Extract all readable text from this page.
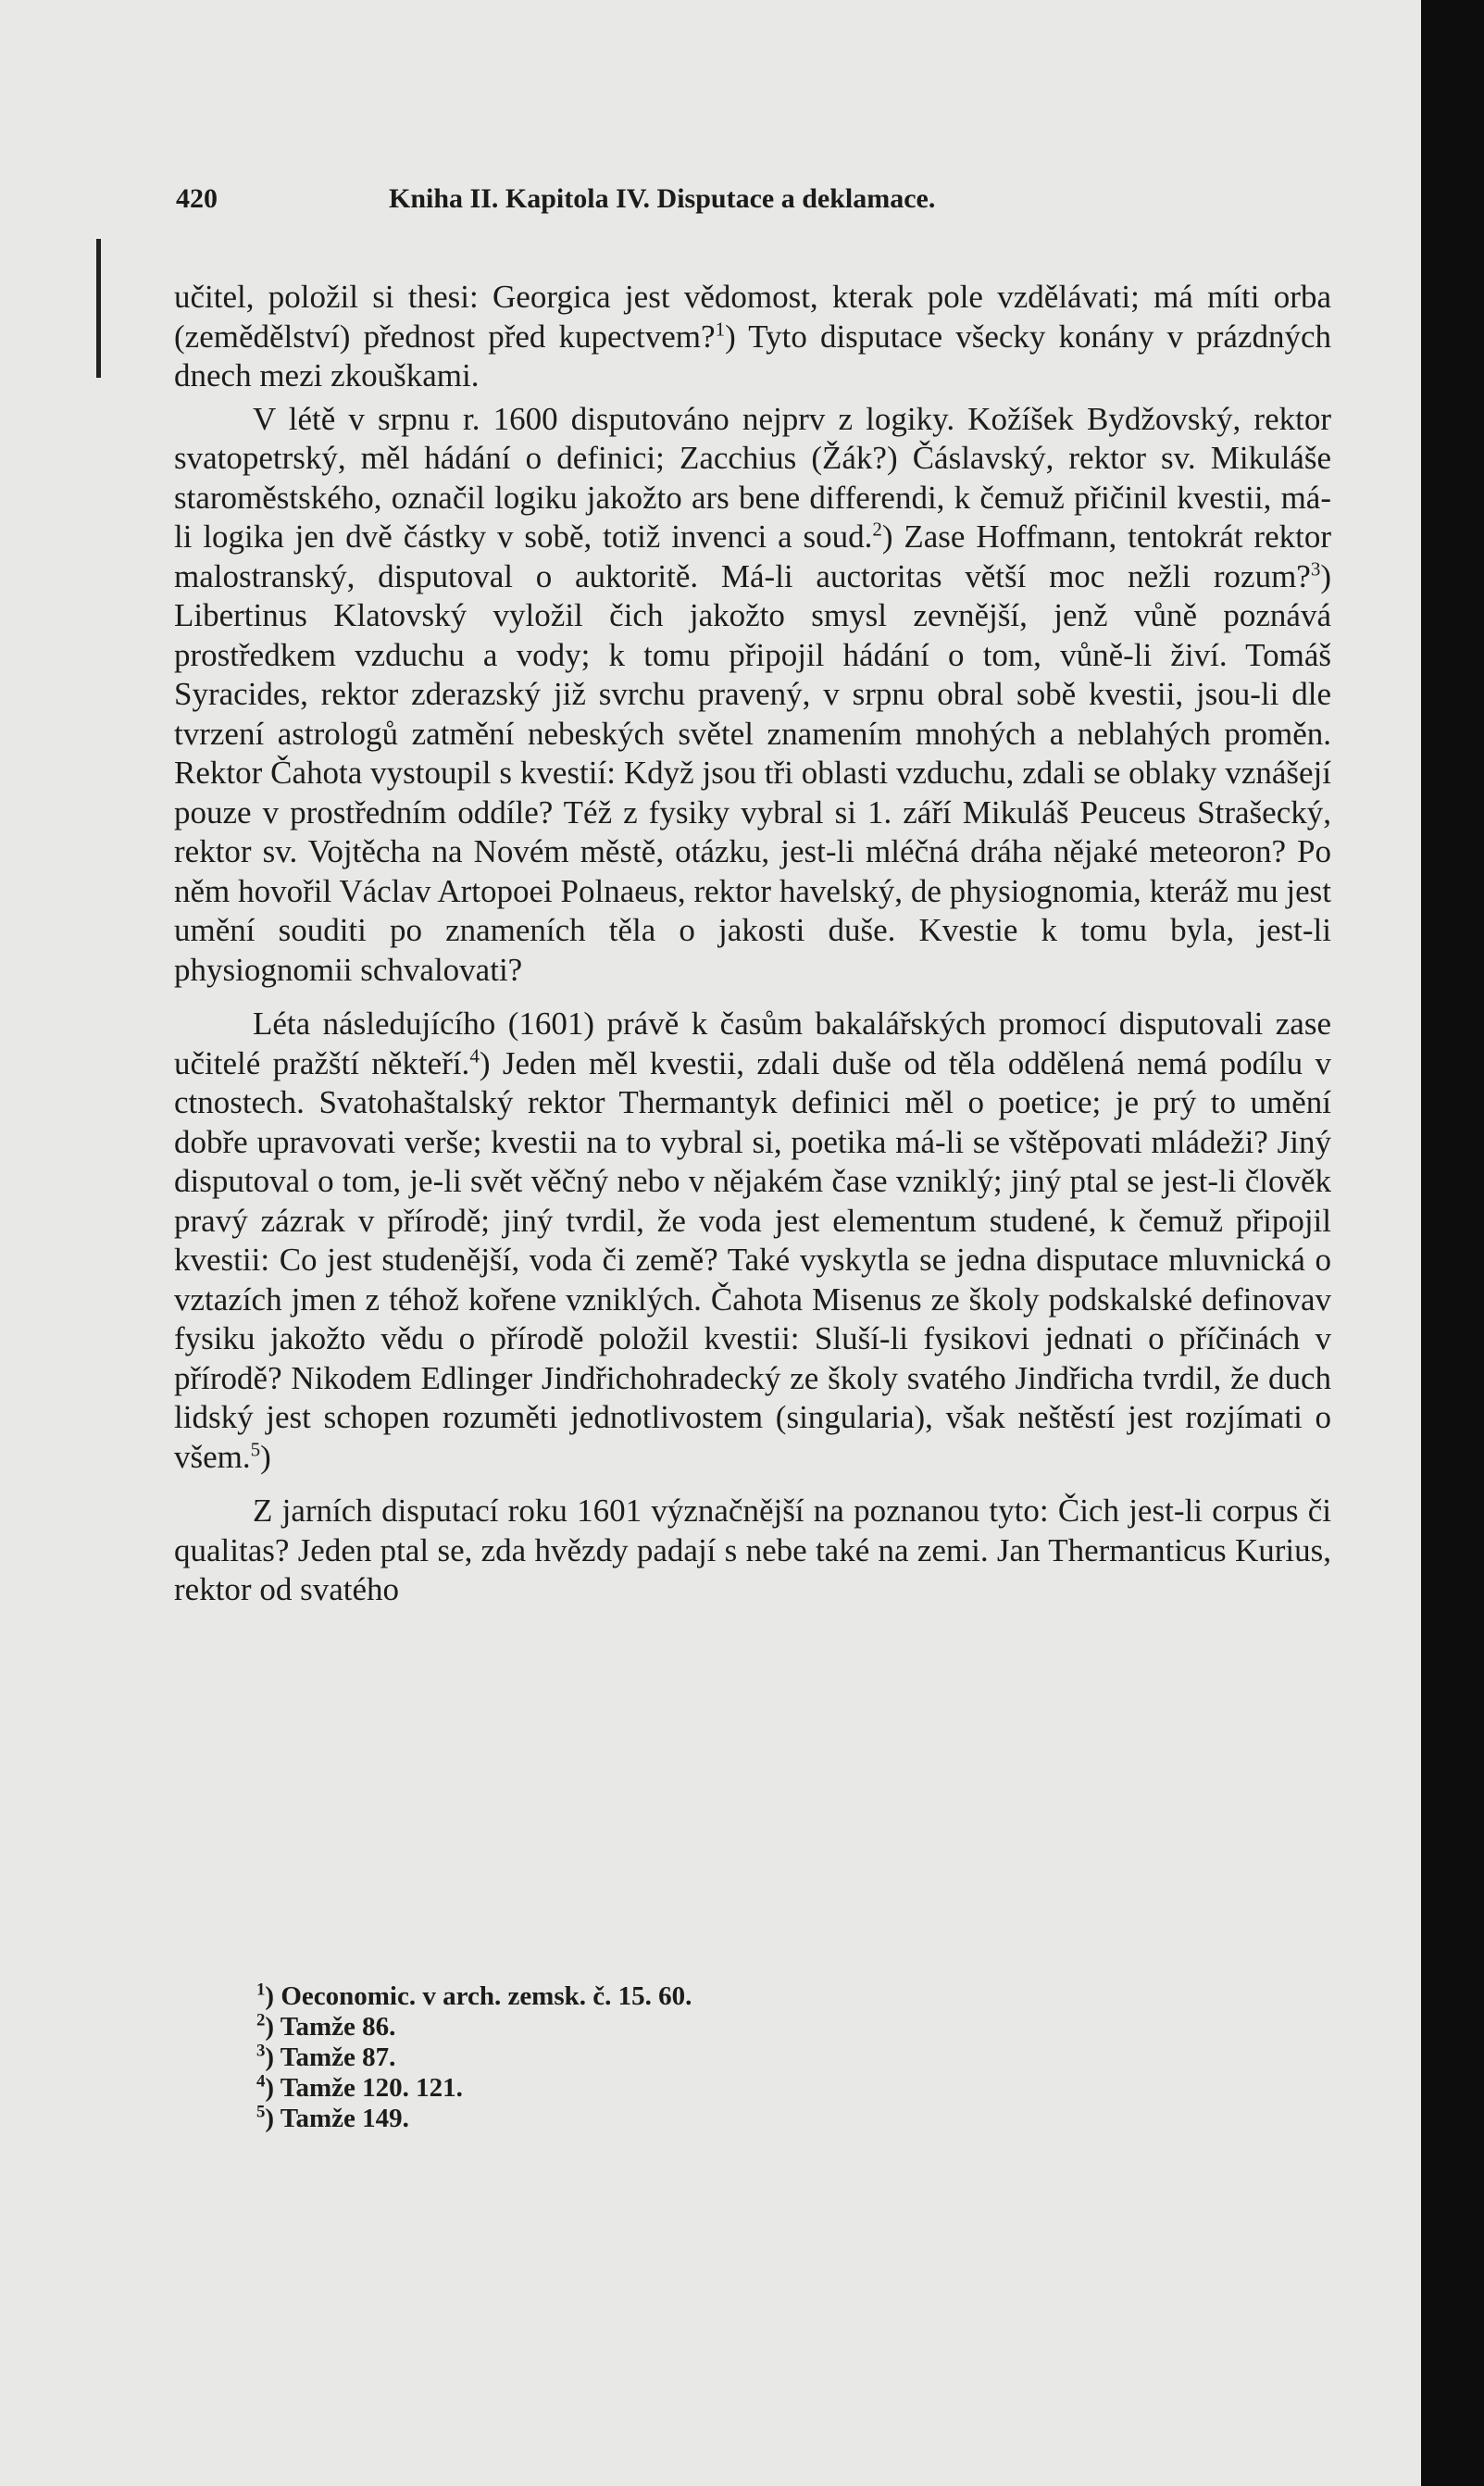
420	Kniha II. Kapitola IV. Disputace a deklamace.

učitel, položil si thesi: Georgica jest vědomost, kterak pole vzdělávati; má míti orba (zemědělství) přednost před kupectvem?$^1$) Tyto disputace všecky konány v prázdných dnech mezi zkouškami.

V létě v srpnu r. 1600 disputováno nejprv z logiky. Kožíšek Bydžovský, rektor svatopetrský, měl hádání o definici; Zacchius (Žák?) Čáslavský, rektor sv. Mikuláše staroměstského, označil logiku jakožto ars bene differendi, k čemuž přičinil kvestii, má-li logika jen dvě částky v sobě, totiž invenci a soud.$^2$) Zase Hoffmann, tentokrát rektor malostranský, disputoval o auktoritě. Má-li auctoritas větší moc nežli rozum?$^3$) Libertinus Klatovský vyložil čich jakožto smysl zevnější, jenž vůně poznává prostředkem vzduchu a vody; k tomu připojil hádání o tom, vůně-li živí. Tomáš Syracides, rektor zderazský již svrchu pravený, v srpnu obral sobě kvestii, jsou-li dle tvrzení astrologů zatmění nebeských světel znamením mnohých a neblahých proměn. Rektor Čahota vystoupil s kvestií: Když jsou tři oblasti vzduchu, zdali se oblaky vznášejí pouze v prostředním oddíle? Též z fysiky vybral si 1. září Mikuláš Peuceus Strašecký, rektor sv. Vojtěcha na Novém městě, otázku, jest-li mléčná dráha nějaké meteoron? Po něm hovořil Václav Artopoei Polnaeus, rektor havelský, de physiognomia, kteráž mu jest umění souditi po znameních těla o jakosti duše. Kvestie k tomu byla, jest-li physiognomii schvalovati?

Léta následujícího (1601) právě k časům bakalářských promocí disputovali zase učitelé pražští někteří.$^4$) Jeden měl kvestii, zdali duše od těla oddělená nemá podílu v ctnostech. Svatohaštalský rektor Thermantyk definici měl o poetice; je prý to umění dobře upravovati verše; kvestii na to vybral si, poetika má-li se vštěpovati mládeži? Jiný disputoval o tom, je-li svět věčný nebo v nějakém čase vzniklý; jiný ptal se jest-li člověk pravý zázrak v přírodě; jiný tvrdil, že voda jest elementum studené, k čemuž připojil kvestii: Co jest studenější, voda či země? Také vyskytla se jedna disputace mluvnická o vztazích jmen z téhož kořene vzniklých. Čahota Misenus ze školy podskalské definovav fysiku jakožto vědu o přírodě položil kvestii: Sluší-li fysikovi jednati o příčinách v přírodě? Nikodem Edlinger Jindřichohradecký ze školy svatého Jindřicha tvrdil, že duch lidský jest schopen rozuměti jednotlivostem (singularia), však neštěstí jest rozjímati o všem.$^5$)

Z jarních disputací roku 1601 význačnější na poznanou tyto: Čich jest-li corpus či qualitas? Jeden ptal se, zda hvězdy padají s nebe také na zemi. Jan Thermanticus Kurius, rektor od svatého

$^1$) Oeconomic. v arch. zemsk. č. 15. 60.

$^2$) Tamže 86.

$^3$) Tamže 87.

$^4$) Tamže 120. 121.

$^5$) Tamže 149.
